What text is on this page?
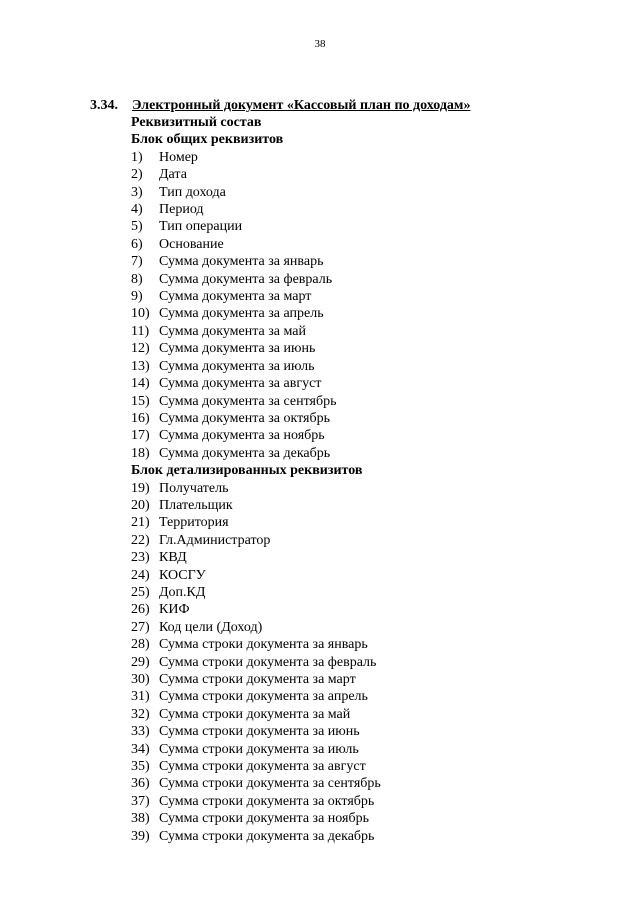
38
3.34. Электронный документ «Кассовый план по доходам»
Реквизитный состав
Блок общих реквизитов
1) Номер
2) Дата
3) Тип дохода
4) Период
5) Тип операции
6) Основание
7) Сумма документа за январь
8) Сумма документа за февраль
9) Сумма документа за март
10) Сумма документа за апрель
11) Сумма документа за май
12) Сумма документа за июнь
13) Сумма документа за июль
14) Сумма документа за август
15) Сумма документа за сентябрь
16) Сумма документа за октябрь
17) Сумма документа за ноябрь
18) Сумма документа за декабрь
Блок детализированных реквизитов
19) Получатель
20) Плательщик
21) Территория
22) Гл.Администратор
23) КВД
24) КОСГУ
25) Доп.КД
26) КИФ
27) Код цели (Доход)
28) Сумма строки документа за январь
29) Сумма строки документа за февраль
30) Сумма строки документа за март
31) Сумма строки документа за апрель
32) Сумма строки документа за май
33) Сумма строки документа за июнь
34) Сумма строки документа за июль
35) Сумма строки документа за август
36) Сумма строки документа за сентябрь
37) Сумма строки документа за октябрь
38) Сумма строки документа за ноябрь
39) Сумма строки документа за декабрь
